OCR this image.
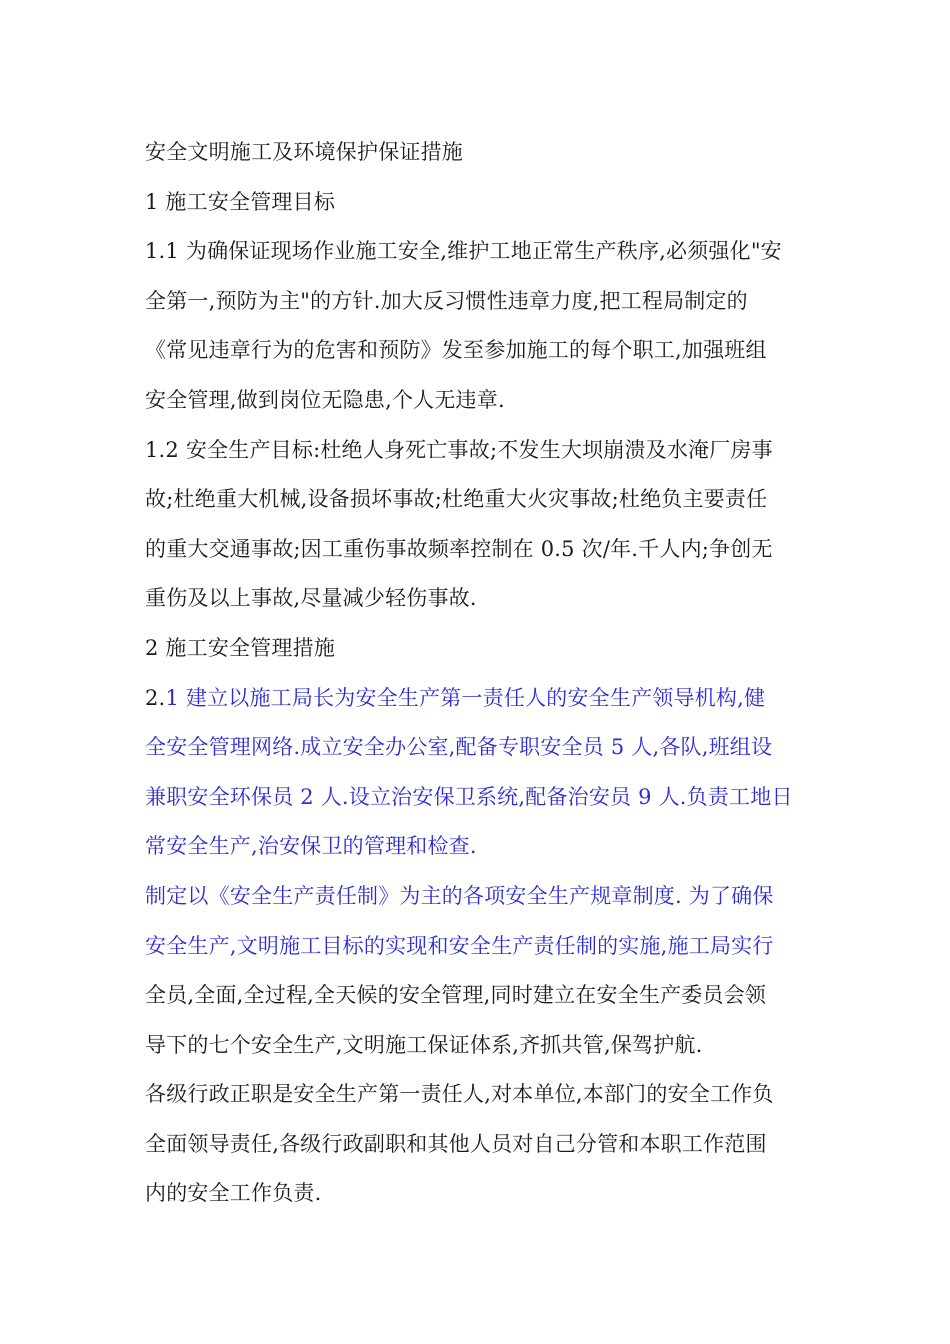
安全文明施工及环境保护保证措施
1 施工安全管理目标
1.1 为确保证现场作业施工安全,维护工地正常生产秩序,必须强化"安
全第一,预防为主"的方针.加大反习惯性违章力度,把工程局制定的
《常见违章行为的危害和预防》发至参加施工的每个职工,加强班组
安全管理,做到岗位无隐患,个人无违章.
1.2 安全生产目标:杜绝人身死亡事故;不发生大坝崩溃及水淹厂房事
故;杜绝重大机械,设备损坏事故;杜绝重大火灾事故;杜绝负主要责任
的重大交通事故;因工重伤事故频率控制在 0.5 次/年.千人内;争创无
重伤及以上事故,尽量减少轻伤事故.
2 施工安全管理措施
2.1 建立以施工局长为安全生产第一责任人的安全生产领导机构,健
全安全管理网络.成立安全办公室,配备专职安全员 5 人,各队,班组设
兼职安全环保员 2 人.设立治安保卫系统,配备治安员 9 人.负责工地日
常安全生产,治安保卫的管理和检查.
制定以《安全生产责任制》为主的各项安全生产规章制度. 为了确保
安全生产,文明施工目标的实现和安全生产责任制的实施,施工局实行
全员,全面,全过程,全天候的安全管理,同时建立在安全生产委员会领
导下的七个安全生产,文明施工保证体系,齐抓共管,保驾护航.
各级行政正职是安全生产第一责任人,对本单位,本部门的安全工作负
全面领导责任,各级行政副职和其他人员对自己分管和本职工作范围
内的安全工作负责.
